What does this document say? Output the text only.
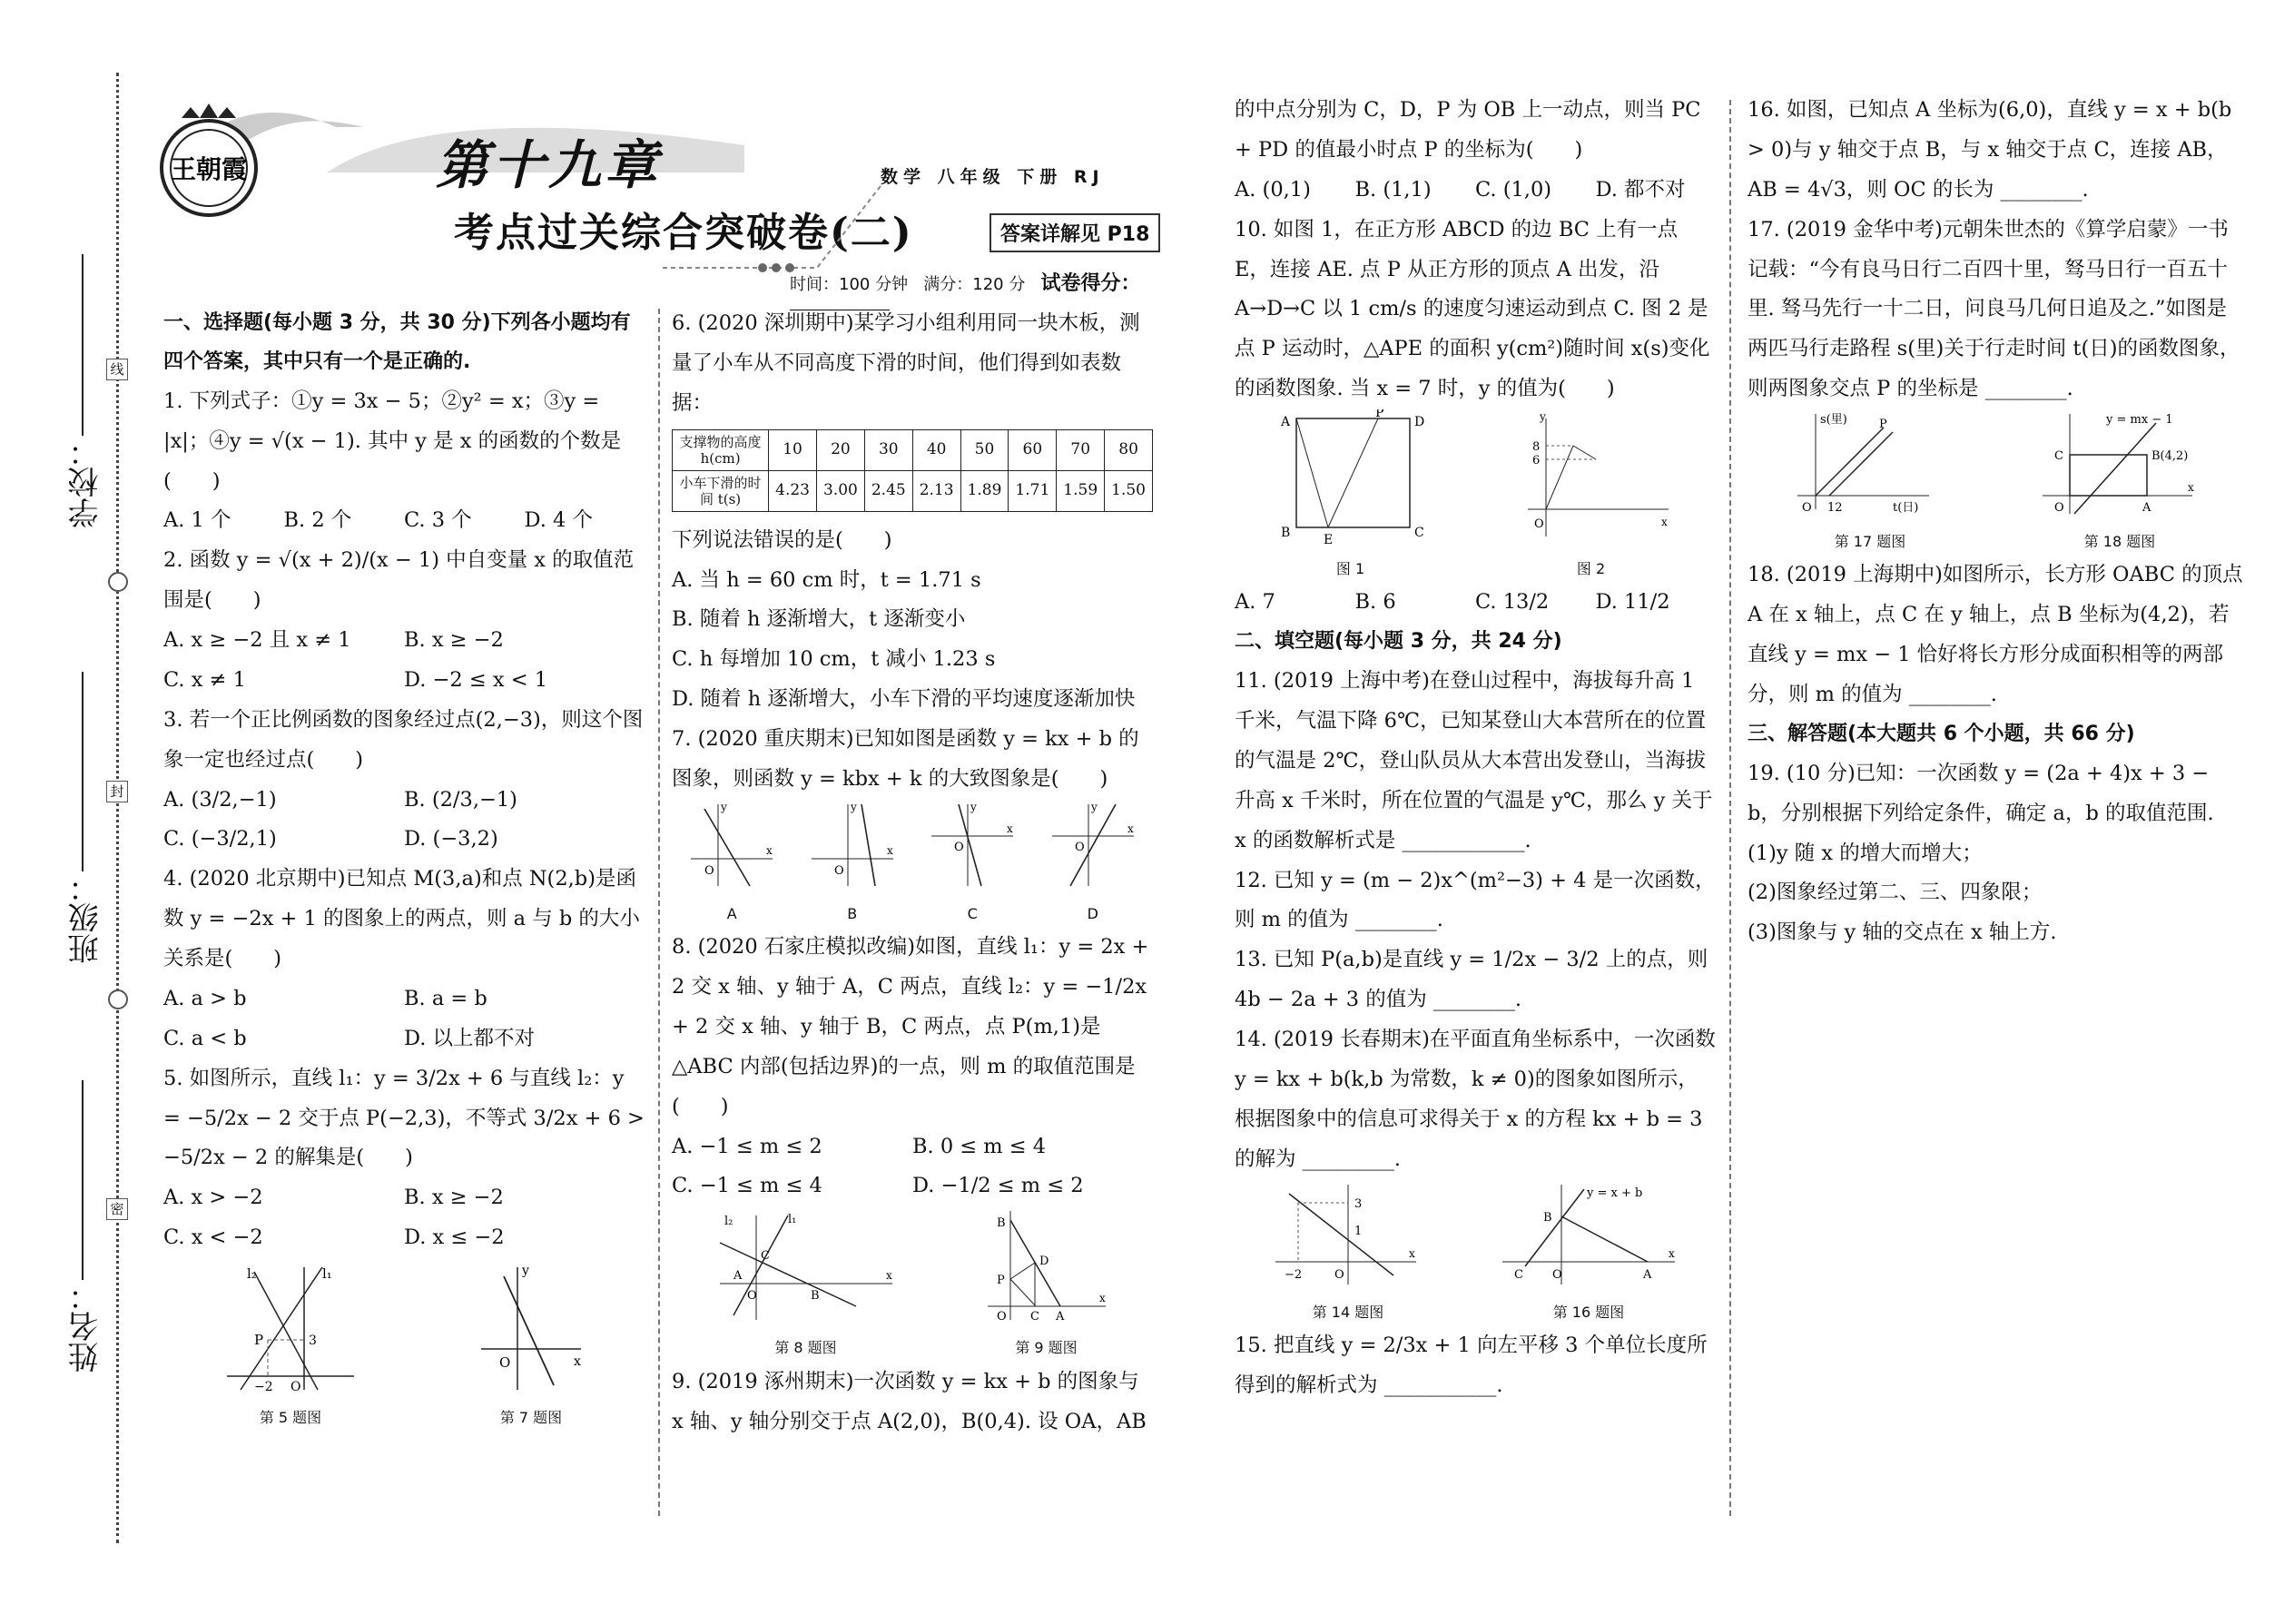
学校：
班级：
姓名：
线
封
密
王朝霞	第十九章
考点过关综合突破卷(二)
数学 八年级 下册 RJ
答案详解见 P18
时间：100 分钟 满分：120 分 试卷得分：

一、选择题(每小题 3 分，共 30 分)下列各小题均有四个答案，其中只有一个是正确的.

1. 下列式子：①y = 3x − 5；②y² = x；③y = |x|；④y = √(x − 1). 其中 y 是 x 的函数的个数是(　　)

A. 1 个	B. 2 个	C. 3 个	D. 4 个

2. 函数 y = √(x + 2)/(x − 1) 中自变量 x 的取值范围是(　　)

A. x ≥ −2 且 x ≠ 1	B. x ≥ −2
C. x ≠ 1	D. −2 ≤ x < 1

3. 若一个正比例函数的图象经过点(2,−3)，则这个图象一定也经过点(　　)

A. (3/2,−1)	B. (2/3,−1)
C. (−3/2,1)	D. (−3,2)

4. (2020 北京期中)已知点 M(3,a)和点 N(2,b)是函数 y = −2x + 1 的图象上的两点，则 a 与 b 的大小关系是(　　)

A. a > b	B. a = b
C. a < b	D. 以上都不对

5. 如图所示，直线 l₁：y = 3/2x + 6 与直线 l₂：y = −5/2x − 2 交于点 P(−2,3)，不等式 3/2x + 6 > −5/2x − 2 的解集是(　　)

A. x > −2	B. x ≥ −2
C. x < −2	D. x ≤ −2
l₂	l₁
P	3
−2 O
第 5 题图
O	x
y
第 7 题图

6. (2020 深圳期中)某学习小组利用同一块木板，测量了小车从不同高度下滑的时间，他们得到如表数据：

支撑物的高度 h(cm)	10	20	30	40	50	60	70	80
小车下滑的时间 t(s)	4.23	3.00	2.45	2.13	1.89	1.71	1.59	1.50

下列说法错误的是(　　)

A. 当 h = 60 cm 时，t = 1.71 s

B. 随着 h 逐渐增大，t 逐渐变小

C. h 每增加 10 cm，t 减小 1.23 s

D. 随着 h 逐渐增大，小车下滑的平均速度逐渐加快

7. (2020 重庆期末)已知如图是函数 y = kx + b 的图象，则函数 y = kbx + k 的大致图象是(　　)

O
x
y
A
O
x
y
B
O
x
y
C
O
x
y
D

8. (2020 石家庄模拟改编)如图，直线 l₁：y = 2x + 2 交 x 轴、y 轴于 A，C 两点，直线 l₂：y = −1/2x + 2 交 x 轴、y 轴于 B，C 两点，点 P(m,1)是△ABC 内部(包括边界)的一点，则 m 的取值范围是(　　)

A. −1 ≤ m ≤ 2	B. 0 ≤ m ≤ 4
C. −1 ≤ m ≤ 4	D. −1/2 ≤ m ≤ 2
l₂	l₁
C
A
B
O
x
第 8 题图
B
D
P
O C A
x
第 9 题图

9. (2019 涿州期末)一次函数 y = kx + b 的图象与 x 轴、y 轴分别交于点 A(2,0)，B(0,4). 设 OA，AB

的中点分别为 C，D，P 为 OB 上一动点，则当 PC + PD 的值最小时点 P 的坐标为(　　)

A. (0,1)	B. (1,1)	C. (1,0)	D. 都不对

10. 如图 1，在正方形 ABCD 的边 BC 上有一点 E，连接 AE. 点 P 从正方形的顶点 A 出发，沿 A→D→C 以 1 cm/s 的速度匀速运动到点 C. 图 2 是点 P 运动时，△APE 的面积 y(cm²)随时间 x(s)变化的函数图象. 当 x = 7 时，y 的值为(　　)

A
P
D
B	E	C
图 1
8
6
O	x
y
图 2
A. 7	B. 6	C. 13/2	D. 11/2

二、填空题(每小题 3 分，共 24 分)

11. (2019 上海中考)在登山过程中，海拔每升高 1 千米，气温下降 6℃，已知某登山大本营所在的位置的气温是 2℃，登山队员从大本营出发登山，当海拔升高 x 千米时，所在位置的气温是 y℃，那么 y 关于 x 的函数解析式是 ____________.

12. 已知 y = (m − 2)x^(m²−3) + 4 是一次函数，则 m 的值为 ________.

13. 已知 P(a,b)是直线 y = 1/2x − 3/2 上的点，则 4b − 2a + 3 的值为 ________.

14. (2019 长春期末)在平面直角坐标系中，一次函数 y = kx + b(k,b 为常数，k ≠ 0)的图象如图所示，根据图象中的信息可求得关于 x 的方程 kx + b = 3 的解为 _________.

3
1
−2	O
x
第 14 题图
y = x + b
B
C O	A
x
第 16 题图

15. 把直线 y = 2/3x + 1 向左平移 3 个单位长度所得到的解析式为 ___________.

16. 如图，已知点 A 坐标为(6,0)，直线 y = x + b(b > 0)与 y 轴交于点 B，与 x 轴交于点 C，连接 AB，AB = 4√3，则 OC 的长为 ________.

17. (2019 金华中考)元朝朱世杰的《算学启蒙》一书记载：“今有良马日行二百四十里，驽马日行一百五十里. 驽马先行一十二日，问良马几何日追及之.”如图是两匹马行走路程 s(里)关于行走时间 t(日)的函数图象，则两图象交点 P 的坐标是 ________.

s(里)	P
O 12	t(日)
第 17 题图
y = mx − 1
C	B(4,2)
O	A
x
第 18 题图

18. (2019 上海期中)如图所示，长方形 OABC 的顶点 A 在 x 轴上，点 C 在 y 轴上，点 B 坐标为(4,2)，若直线 y = mx − 1 恰好将长方形分成面积相等的两部分，则 m 的值为 ________.

三、解答题(本大题共 6 个小题，共 66 分)

19. (10 分)已知：一次函数 y = (2a + 4)x + 3 − b，分别根据下列给定条件，确定 a，b 的取值范围.

(1)y 随 x 的增大而增大；

(2)图象经过第二、三、四象限；

(3)图象与 y 轴的交点在 x 轴上方.
